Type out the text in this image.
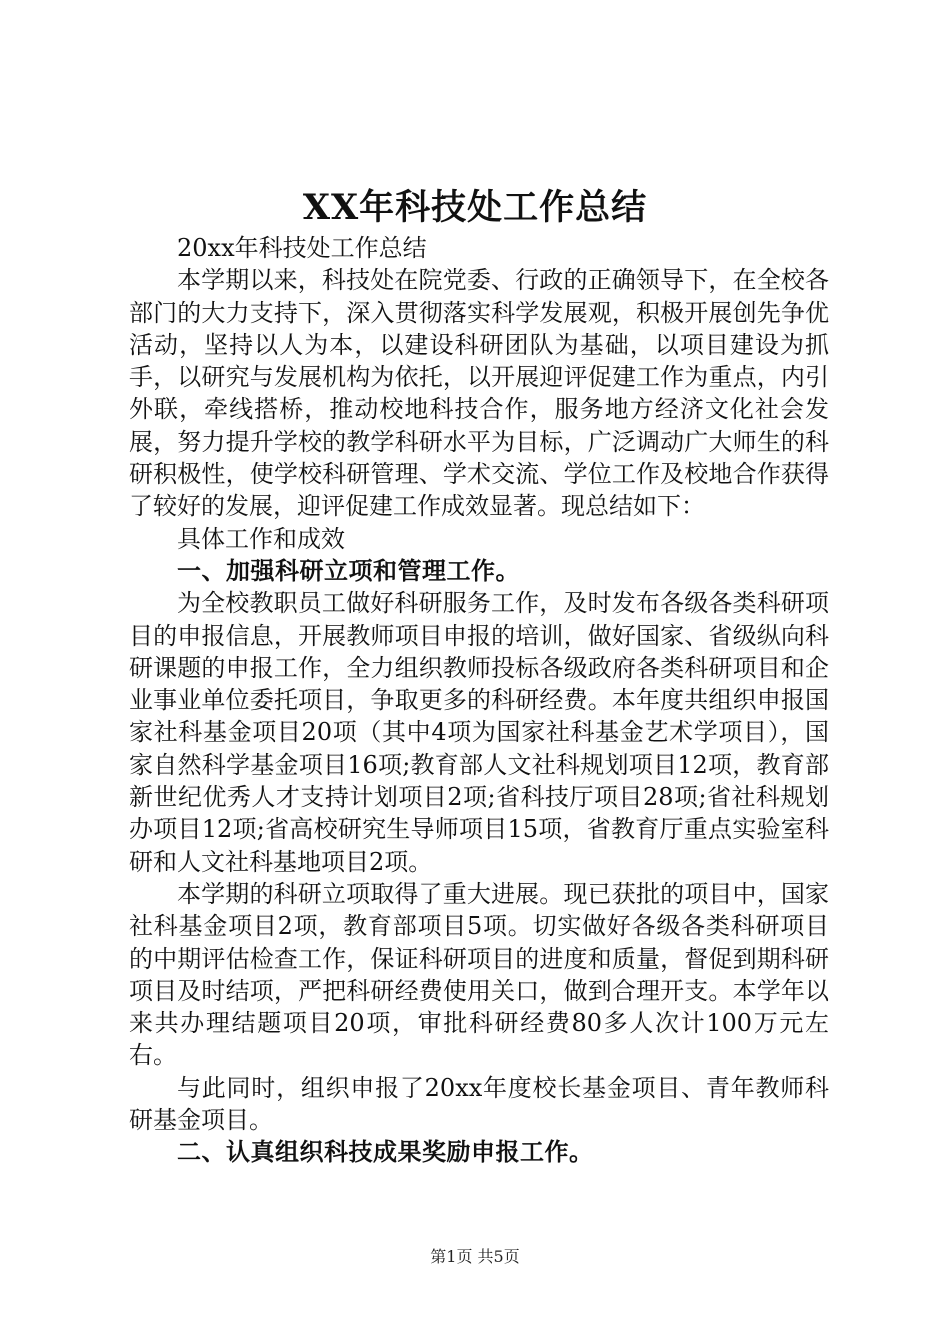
XX年科技处工作总结

20xx年科技处工作总结

本学期以来，科技处在院党委、行政的正确领导下，在全校各部门的大力支持下，深入贯彻落实科学发展观，积极开展创先争优活动，坚持以人为本，以建设科研团队为基础，以项目建设为抓手，以研究与发展机构为依托，以开展迎评促建工作为重点，内引外联，牵线搭桥，推动校地科技合作，服务地方经济文化社会发展，努力提升学校的教学科研水平为目标，广泛调动广大师生的科研积极性，使学校科研管理、学术交流、学位工作及校地合作获得了较好的发展，迎评促建工作成效显著。现总结如下：

具体工作和成效

一、加强科研立项和管理工作。

为全校教职员工做好科研服务工作，及时发布各级各类科研项目的申报信息，开展教师项目申报的培训，做好国家、省级纵向科研课题的申报工作，全力组织教师投标各级政府各类科研项目和企业事业单位委托项目，争取更多的科研经费。本年度共组织申报国家社科基金项目20项（其中4项为国家社科基金艺术学项目），国家自然科学基金项目16项;教育部人文社科规划项目12项，教育部新世纪优秀人才支持计划项目2项;省科技厅项目28项;省社科规划办项目12项;省高校研究生导师项目15项，省教育厅重点实验室科研和人文社科基地项目2项。

本学期的科研立项取得了重大进展。现已获批的项目中，国家社科基金项目2项，教育部项目5项。切实做好各级各类科研项目的中期评估检查工作，保证科研项目的进度和质量，督促到期科研项目及时结项，严把科研经费使用关口，做到合理开支。本学年以来共办理结题项目20项，审批科研经费80多人次计100万元左右。

与此同时，组织申报了20xx年度校长基金项目、青年教师科研基金项目。

二、认真组织科技成果奖励申报工作。

第1页 共5页
